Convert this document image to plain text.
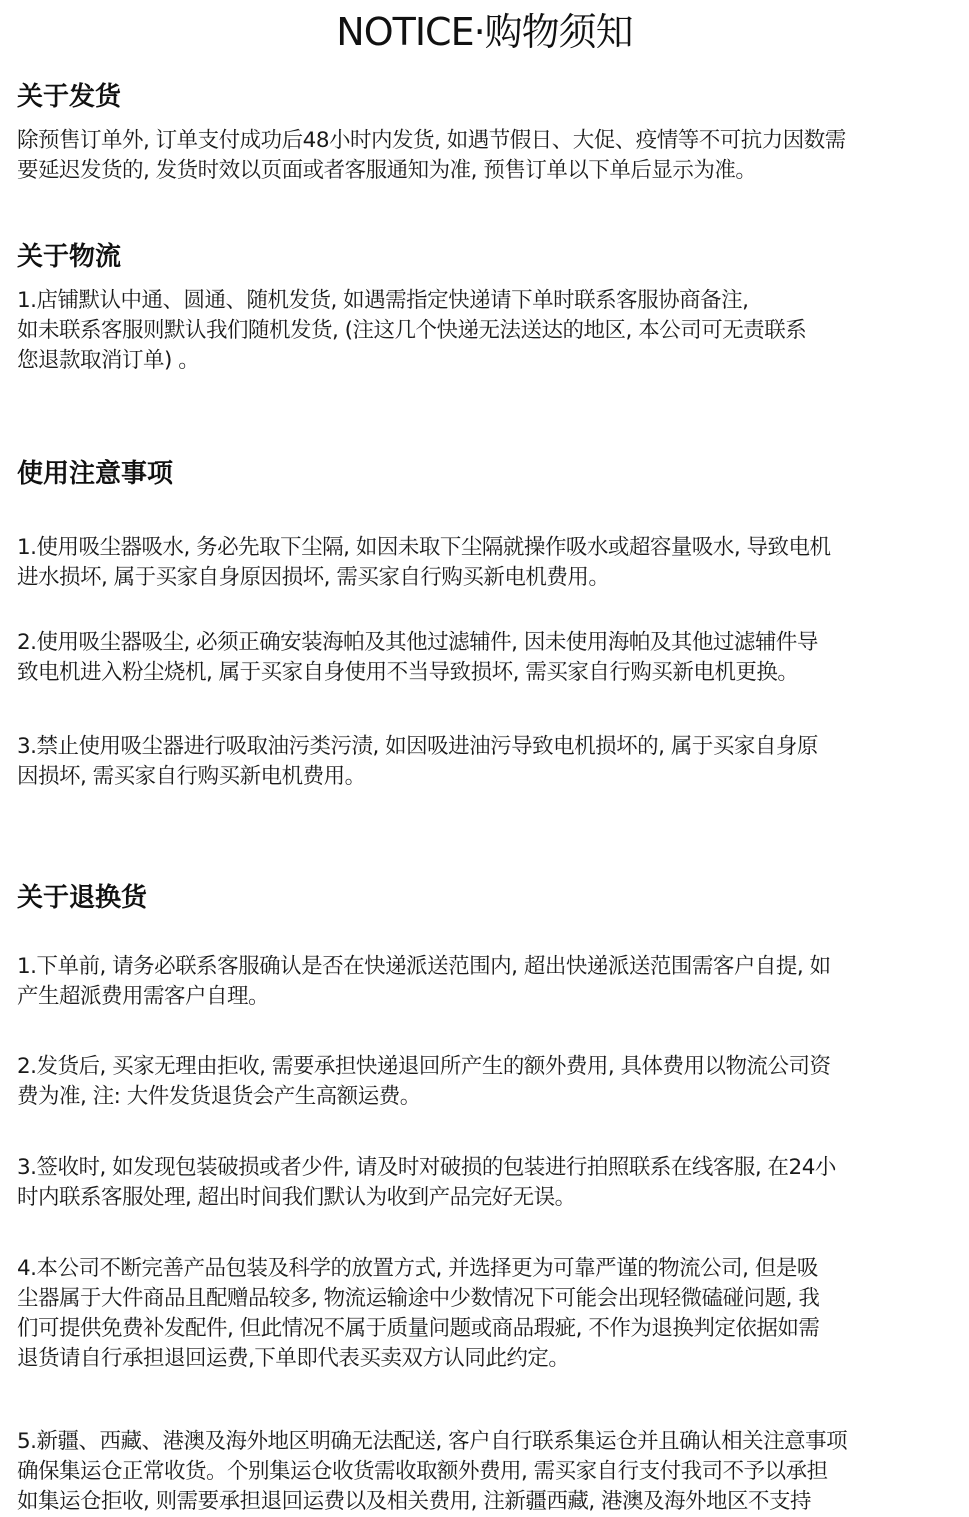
NOTICE·购物须知
关于发货
除预售订单外, 订单支付成功后48小时内发货, 如遇节假日、大促、疫情等不可抗力因数需
要延迟发货的, 发货时效以页面或者客服通知为准, 预售订单以下单后显示为准。
关于物流
1.店铺默认中通、圆通、随机发货, 如遇需指定快递请下单时联系客服协商备注,
如未联系客服则默认我们随机发货, (注这几个快递无法送达的地区, 本公司可无责联系
您退款取消订单) 。
使用注意事项
1.使用吸尘器吸水, 务必先取下尘隔, 如因未取下尘隔就操作吸水或超容量吸水, 导致电机
进水损坏, 属于买家自身原因损坏, 需买家自行购买新电机费用。
2.使用吸尘器吸尘, 必须正确安装海帕及其他过滤辅件, 因未使用海帕及其他过滤辅件导
致电机进入粉尘烧机, 属于买家自身使用不当导致损坏, 需买家自行购买新电机更换。
3.禁止使用吸尘器进行吸取油污类污渍, 如因吸进油污导致电机损坏的, 属于买家自身原
因损坏, 需买家自行购买新电机费用。
关于退换货
1.下单前, 请务必联系客服确认是否在快递派送范围内, 超出快递派送范围需客户自提, 如
产生超派费用需客户自理。
2.发货后, 买家无理由拒收, 需要承担快递退回所产生的额外费用, 具体费用以物流公司资
费为准, 注: 大件发货退货会产生高额运费。
3.签收时, 如发现包装破损或者少件, 请及时对破损的包装进行拍照联系在线客服, 在24小
时内联系客服处理, 超出时间我们默认为收到产品完好无误。
4.本公司不断完善产品包装及科学的放置方式, 并选择更为可靠严谨的物流公司, 但是吸
尘器属于大件商品且配赠品较多, 物流运输途中少数情况下可能会出现轻微磕碰问题, 我
们可提供免费补发配件, 但此情况不属于质量问题或商品瑕疵, 不作为退换判定依据如需
退货请自行承担退回运费,下单即代表买卖双方认同此约定。
5.新疆、西藏、港澳及海外地区明确无法配送, 客户自行联系集运仓并且确认相关注意事项
确保集运仓正常收货。个别集运仓收货需收取额外费用, 需买家自行支付我司不予以承担
如集运仓拒收, 则需要承担退回运费以及相关费用, 注新疆西藏, 港澳及海外地区不支持
